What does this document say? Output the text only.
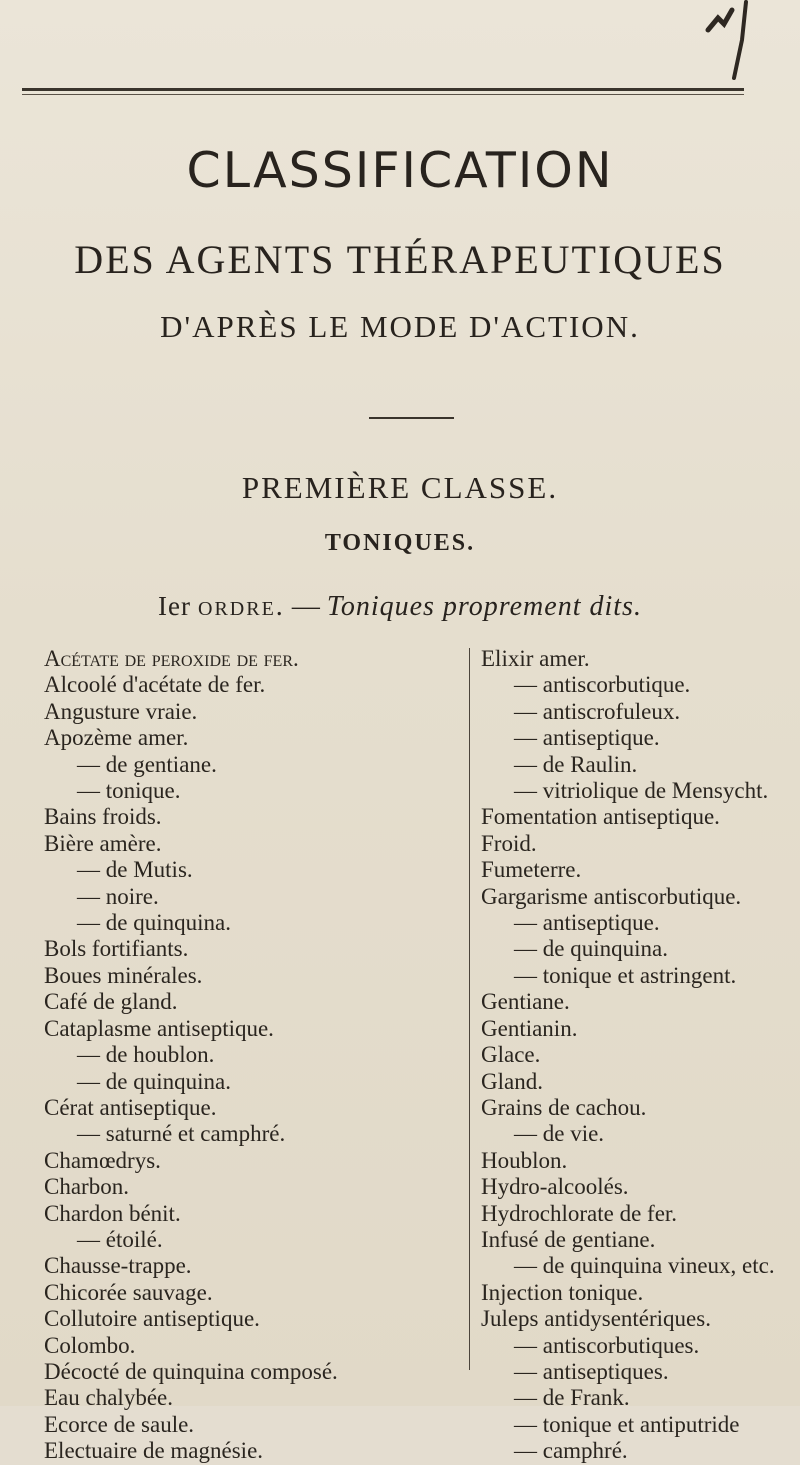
CLASSIFICATION
DES AGENTS THÉRAPEUTIQUES
D'APRÈS LE MODE D'ACTION.
PREMIÈRE CLASSE.
TONIQUES.
Ier ordre. — Toniques proprement dits.
Acétate de peroxide de fer.
Alcoolé d'acétate de fer.
Angusture vraie.
Apozème amer.
— de gentiane.
— tonique.
Bains froids.
Bière amère.
— de Mutis.
— noire.
— de quinquina.
Bols fortifiants.
Boues minérales.
Café de gland.
Cataplasme antiseptique.
— de houblon.
— de quinquina.
Cérat antiseptique.
— saturné et camphré.
Chamœdrys.
Charbon.
Chardon bénit.
— étoilé.
Chausse-trappe.
Chicorée sauvage.
Collutoire antiseptique.
Colombo.
Décocté de quinquina composé.
Eau chalybée.
Ecorce de saule.
Electuaire de magnésie.
Elixir amer.
— antiscorbutique.
— antiscrofuleux.
— antiseptique.
— de Raulin.
— vitriolique de Mensycht.
Fomentation antiseptique.
Froid.
Fumeterre.
Gargarisme antiscorbutique.
— antiseptique.
— de quinquina.
— tonique et astringent.
Gentiane.
Gentianin.
Glace.
Gland.
Grains de cachou.
— de vie.
Houblon.
Hydro-alcoolés.
Hydrochlorate de fer.
Infusé de gentiane.
— de quinquina vineux, etc.
Injection tonique.
Juleps antidysentériques.
— antiscorbutiques.
— antiseptiques.
— de Frank.
— tonique et antiputride
— camphré.
